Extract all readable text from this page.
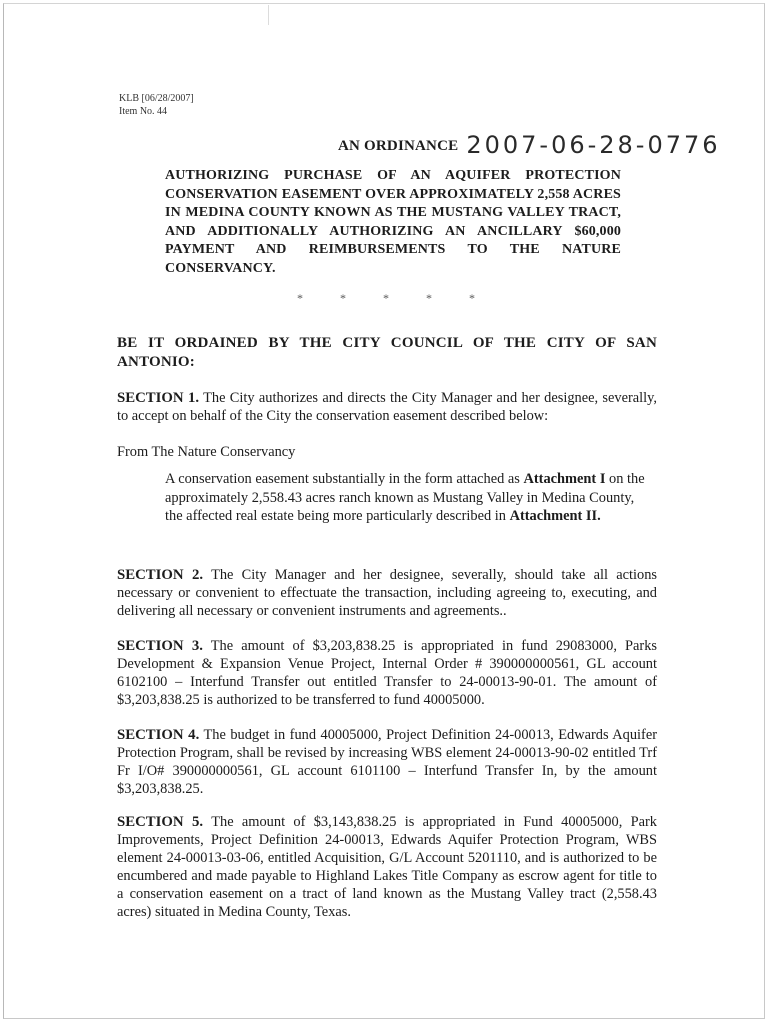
KLB [06/28/2007]
Item No. 44
AN ORDINANCE 2007-06-28-0776

AUTHORIZING PURCHASE OF AN AQUIFER PROTECTION CONSERVATION EASEMENT OVER APPROXIMATELY 2,558 ACRES IN MEDINA COUNTY KNOWN AS THE MUSTANG VALLEY TRACT, AND ADDITIONALLY AUTHORIZING AN ANCILLARY $60,000 PAYMENT AND REIMBURSEMENTS TO THE NATURE CONSERVANCY.

* * * * *

BE IT ORDAINED BY THE CITY COUNCIL OF THE CITY OF SAN ANTONIO:

SECTION 1. The City authorizes and directs the City Manager and her designee, severally, to accept on behalf of the City the conservation easement described below:

From The Nature Conservancy

A conservation easement substantially in the form attached as Attachment I on the approximately 2,558.43 acres ranch known as Mustang Valley in Medina County, the affected real estate being more particularly described in Attachment II.

SECTION 2. The City Manager and her designee, severally, should take all actions necessary or convenient to effectuate the transaction, including agreeing to, executing, and delivering all necessary or convenient instruments and agreements..

SECTION 3. The amount of $3,203,838.25 is appropriated in fund 29083000, Parks Development & Expansion Venue Project, Internal Order # 390000000561, GL account 6102100 – Interfund Transfer out entitled Transfer to 24-00013-90-01. The amount of $3,203,838.25 is authorized to be transferred to fund 40005000.

SECTION 4. The budget in fund 40005000, Project Definition 24-00013, Edwards Aquifer Protection Program, shall be revised by increasing WBS element 24-00013-90-02 entitled Trf Fr I/O# 390000000561, GL account 6101100 – Interfund Transfer In, by the amount $3,203,838.25.

SECTION 5. The amount of $3,143,838.25 is appropriated in Fund 40005000, Park Improvements, Project Definition 24-00013, Edwards Aquifer Protection Program, WBS element 24-00013-03-06, entitled Acquisition, G/L Account 5201110, and is authorized to be encumbered and made payable to Highland Lakes Title Company as escrow agent for title to a conservation easement on a tract of land known as the Mustang Valley tract (2,558.43 acres) situated in Medina County, Texas.
